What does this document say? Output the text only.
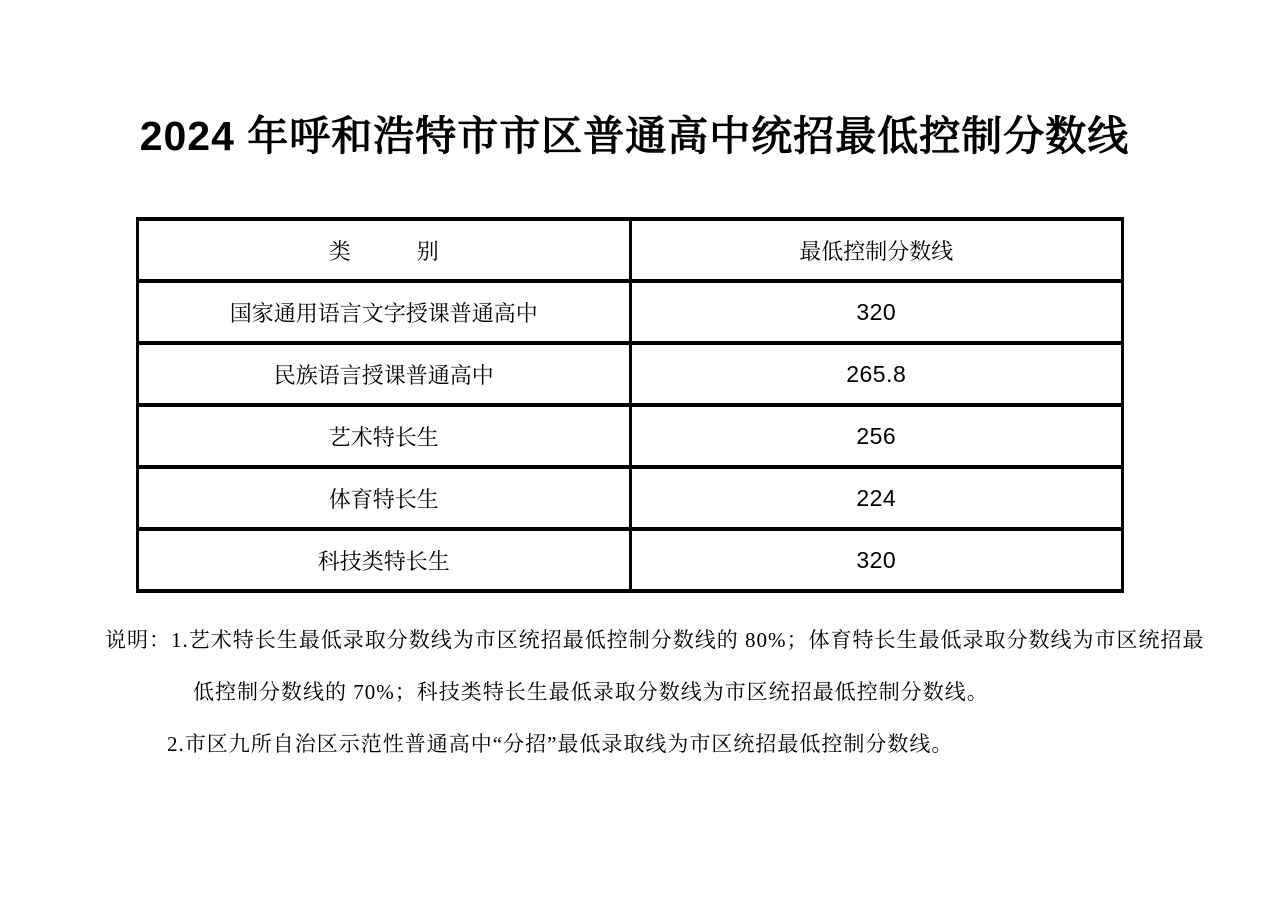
2024 年呼和浩特市市区普通高中统招最低控制分数线
类　　　别	最低控制分数线
国家通用语言文字授课普通高中	320
民族语言授课普通高中	265.8
艺术特长生	256
体育特长生	224
科技类特长生	320

说明：1.艺术特长生最低录取分数线为市区统招最低控制分数线的 80%；体育特长生最低录取分数线为市区统招最

低控制分数线的 70%；科技类特长生最低录取分数线为市区统招最低控制分数线。

2.市区九所自治区示范性普通高中“分招”最低录取线为市区统招最低控制分数线。
